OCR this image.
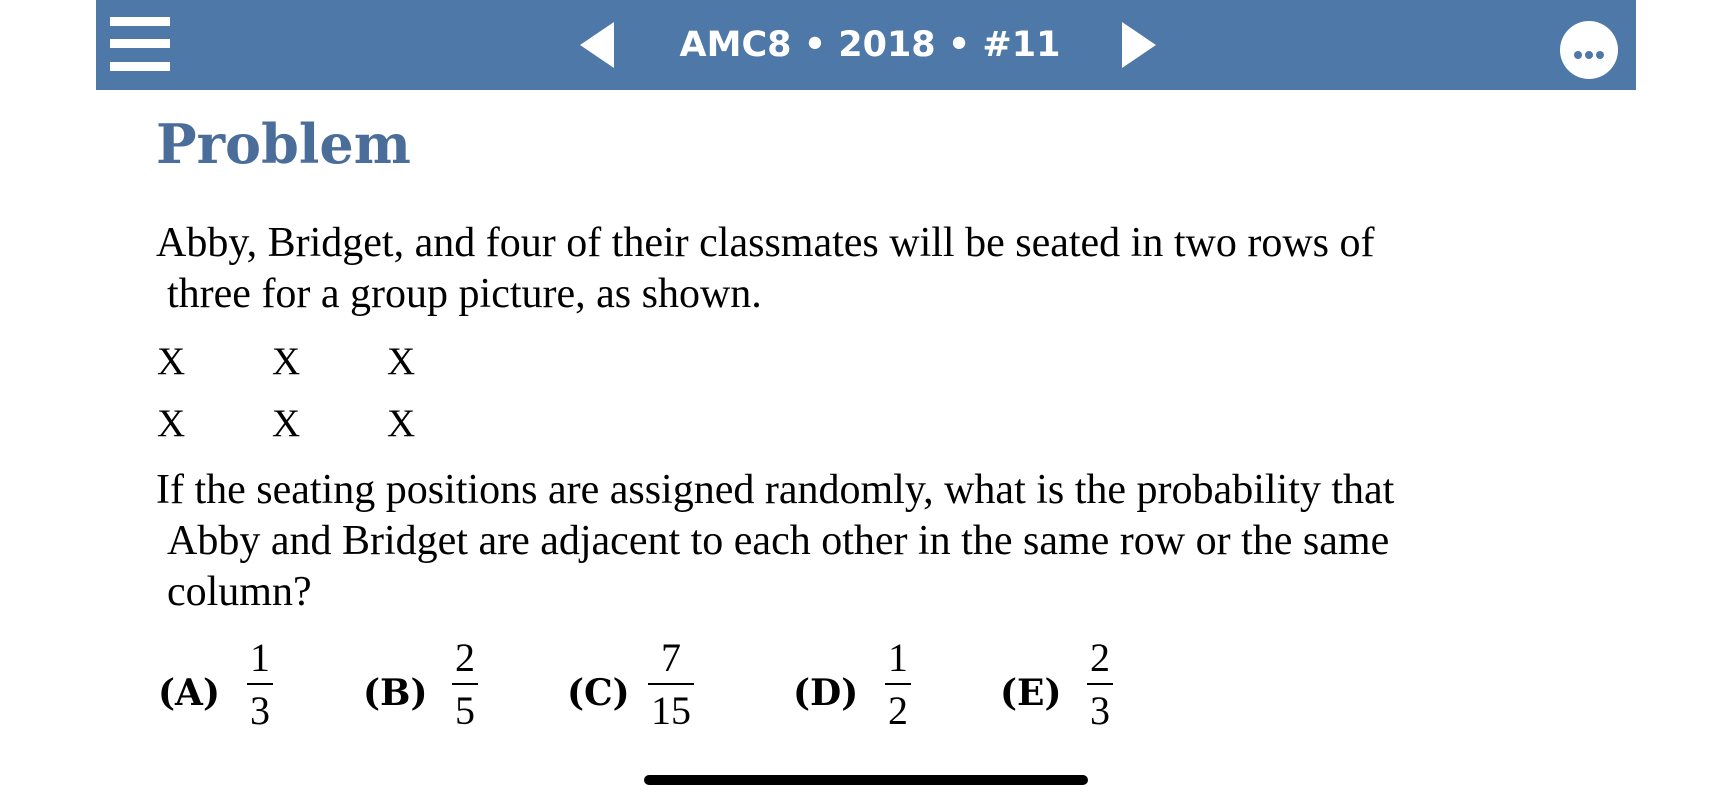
AMC8 • 2018 • #11
Problem
Abby, Bridget, and four of their classmates will be seated in two rows of
three for a group picture, as shown.
X X X
X X X
If the seating positions are assigned randomly, what is the probability that
Abby and Bridget are adjacent to each other in the same row or the same
column?
(A)
1
3	(B)
2
5	(C)
7
15	(D)
1
2	(E)
2
3
